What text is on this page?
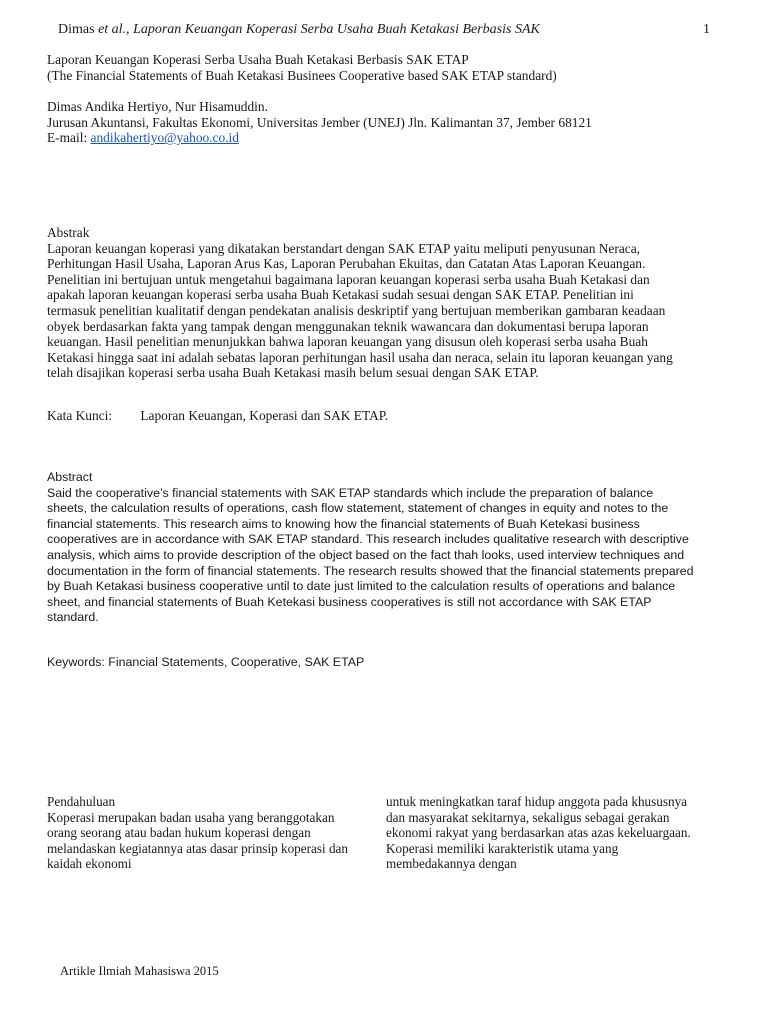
Dimas et al., Laporan Keuangan Koperasi Serba Usaha Buah Ketakasi Berbasis SAK	1
Laporan Keuangan Koperasi Serba Usaha Buah Ketakasi Berbasis SAK ETAP
(The Financial Statements of Buah Ketakasi Businees Cooperative based SAK ETAP standard)
Dimas Andika Hertiyo, Nur Hisamuddin.
Jurusan Akuntansi, Fakultas Ekonomi, Universitas Jember (UNEJ) Jln. Kalimantan 37, Jember 68121
E-mail: andikahertiyo@yahoo.co.id
Abstrak
Laporan keuangan koperasi yang dikatakan berstandart dengan SAK ETAP yaitu meliputi penyusunan Neraca,
Perhitungan Hasil Usaha, Laporan Arus Kas, Laporan Perubahan Ekuitas, dan Catatan Atas Laporan Keuangan.
Penelitian ini bertujuan untuk mengetahui bagaimana laporan keuangan koperasi serba usaha Buah Ketakasi dan
apakah laporan keuangan koperasi serba usaha Buah Ketakasi sudah sesuai dengan SAK ETAP. Penelitian ini
termasuk penelitian kualitatif dengan pendekatan analisis deskriptif yang bertujuan memberikan gambaran keadaan
obyek berdasarkan fakta yang tampak dengan menggunakan teknik wawancara dan dokumentasi berupa laporan
keuangan. Hasil penelitian menunjukkan bahwa laporan keuangan yang disusun oleh koperasi serba usaha Buah
Ketakasi hingga saat ini adalah sebatas laporan perhitungan hasil usaha dan neraca, selain itu laporan keuangan yang
telah disajikan koperasi serba usaha Buah Ketakasi masih belum sesuai dengan SAK ETAP.
Kata Kunci: Laporan Keuangan, Koperasi dan SAK ETAP.
Abstract
Said the cooperative’s financial statements with SAK ETAP standards which include the preparation of balance
sheets, the calculation results of operations, cash flow statement, statement of changes in equity and notes to the
financial statements. This research aims to knowing how the financial statements of Buah Ketekasi business
cooperatives are in accordance with SAK ETAP standard. This research includes qualitative research with descriptive
analysis, which aims to provide description of the object based on the fact thah looks, used interview techniques and
documentation in the form of financial statements. The research results showed that the financial statements prepared
by Buah Ketakasi business cooperative until to date just limited to the calculation results of operations and balance
sheet, and financial statements of Buah Ketekasi business cooperatives is still not accordance with SAK ETAP
standard.
Keywords: Financial Statements, Cooperative, SAK ETAP
Pendahuluan
Koperasi merupakan badan usaha yang beranggotakan
orang seorang atau badan hukum koperasi dengan
melandaskan kegiatannya atas dasar prinsip koperasi dan
kaidah ekonomi
untuk meningkatkan taraf hidup anggota pada khususnya
dan masyarakat sekitarnya, sekaligus sebagai gerakan
ekonomi rakyat yang berdasarkan atas azas kekeluargaan.
Koperasi memiliki karakteristik utama yang
membedakannya dengan
Artikle Ilmiah Mahasiswa 2015
